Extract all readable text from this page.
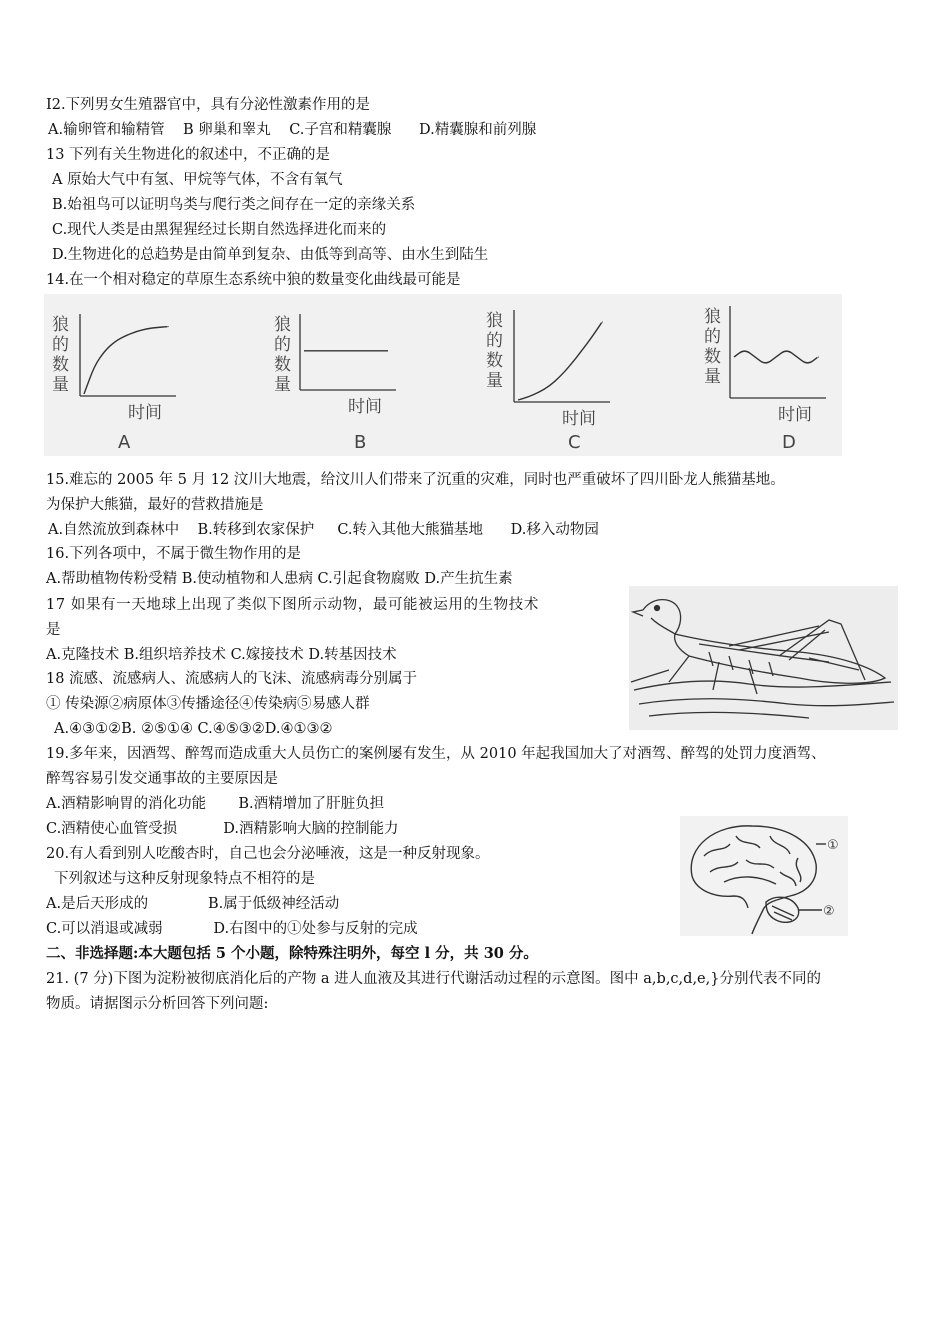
I2.下列男女生殖器官中，具有分泌性激素作用的是
A.输卵管和输精管    B 卵巢和睾丸    C.子宫和精囊腺      D.精囊腺和前列腺
13 下列有关生物进化的叙述中，不正确的是
A 原始大气中有氢、甲烷等气体，不含有氧气
B.始祖鸟可以证明鸟类与爬行类之间存在一定的亲缘关系
C.现代人类是由黑猩猩经过长期自然选择进化而来的
D.生物进化的总趋势是由简单到复杂、由低等到高等、由水生到陆生
14.在一个相对稳定的草原生态系统中狼的数量变化曲线最可能是
狼
的
数
量
时间
A
狼
的
数
量
时间
B
狼
的
数
量
时间
C
狼
的
数
量
时间
D
15.难忘的 2005 年 5 月 12 汶川大地震，给汶川人们带来了沉重的灾难，同时也严重破坏了四川卧龙人熊猫基地。
为保护大熊猫，最好的营救措施是
A.自然流放到森林中    B.转移到农家保护     C.转入其他大熊猫基地      D.移入动物园
16.下列各项中，不属于微生物作用的是
A.帮助植物传粉受精 B.使动植物和人患病 C.引起食物腐败 D.产生抗生素
17 如果有一天地球上出现了类似下图所示动物，最可能被运用的生物技术
是
A.克隆技术 B.组织培养技术 C.嫁接技术 D.转基因技术
18 流感、流感病人、流感病人的飞沫、流感病毒分别属于
① 传染源②病原体③传播途径④传染病⑤易感人群
A.④③①②B. ②⑤①④ C.④⑤③②D.④①③②
19.多年来，因酒驾、醉驾而造成重大人员伤亡的案例屡有发生，从 2010 年起我国加大了对酒驾、醉驾的处罚力度酒驾、
醉驾容易引发交通事故的主要原因是
A.酒精影响胃的消化功能       B.酒精增加了肝脏负担
C.酒精使心血管受损          D.酒精影响大脑的控制能力
①
②
20.有人看到别人吃酸杏时，自己也会分泌唾液，这是一种反射现象。
下列叙述与这种反射现象特点不相符的是
A.是后天形成的             B.属于低级神经活动
C.可以消退或减弱           D.右图中的①处参与反射的完成
二、非选择题:本大题包括 5 个小题，除特殊注明外，每空 l 分，共 30 分。
21. (7 分)下图为淀粉被彻底消化后的产物 a 进人血液及其进行代谢活动过程的示意图。图中 a,b,c,d,e,}分别代表不同的
物质。请据图示分析回答下列问题:
